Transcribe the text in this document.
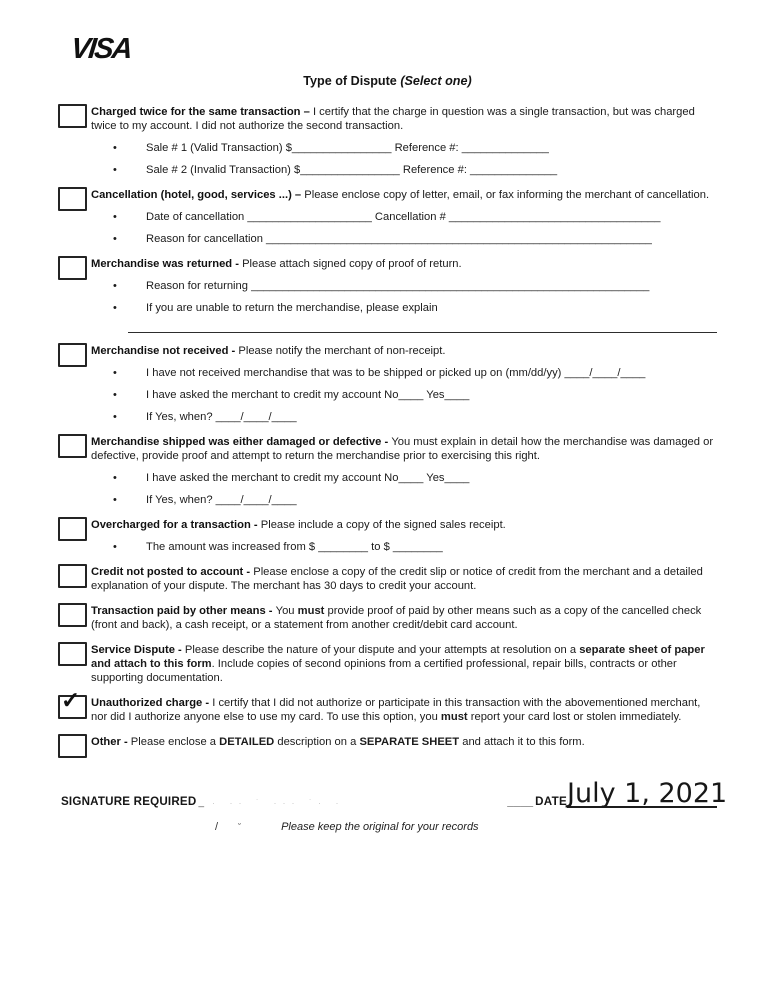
VISA

Type of Dispute (Select one)

Charged twice for the same transaction – I certify that the charge in question was a single transaction, but was charged twice to my account. I did not authorize the second transaction.
•	Sale # 1 (Valid Transaction) $________________ Reference #: ______________
•	Sale # 2 (Invalid Transaction) $________________ Reference #: ______________
Cancellation (hotel, good, services ...) – Please enclose copy of letter, email, or fax informing the merchant of cancellation.
•	Date of cancellation ____________________ Cancellation # __________________________________
•	Reason for cancellation ______________________________________________________________
Merchandise was returned - Please attach signed copy of proof of return.
•	Reason for returning ________________________________________________________________
•	If you are unable to return the merchandise, please explain
Merchandise not received - Please notify the merchant of non-receipt.
•	I have not received merchandise that was to be shipped or picked up on (mm/dd/yy) ____/____/____
•	I have asked the merchant to credit my account No____ Yes____
•	If Yes, when? ____/____/____
Merchandise shipped was either damaged or defective - You must explain in detail how the merchandise was damaged or defective, provide proof and attempt to return the merchandise prior to exercising this right.
•	I have asked the merchant to credit my account No____ Yes____
•	If Yes, when? ____/____/____
Overcharged for a transaction - Please include a copy of the signed sales receipt.
•	The amount was increased from $ ________ to $ ________
Credit not posted to account - Please enclose a copy of the credit slip or notice of credit from the merchant and a detailed explanation of your dispute. The merchant has 30 days to credit your account.
Transaction paid by other means - You must provide proof of paid by other means such as a copy of the cancelled check (front and back), a cash receipt, or a statement from another credit/debit card account.
Service Dispute - Please describe the nature of your dispute and your attempts at resolution on a separate sheet of paper and attach to this form. Include copies of second opinions from a certified professional, repair bills, contracts or other supporting documentation.
✓ Unauthorized charge - I certify that I did not authorize or participate in this transaction with the abovementioned merchant, nor did I authorize anyone else to use my card. To use this option, you must report your card lost or stolen immediately.
Other - Please enclose a DETAILED description on a SEPARATE SHEET and attach it to this form.
SIGNATURE REQUIRED _ · ·· ˙ ··· ˙· ·	____ DATE July 1, 2021
/ ˘	Please keep the original for your records
